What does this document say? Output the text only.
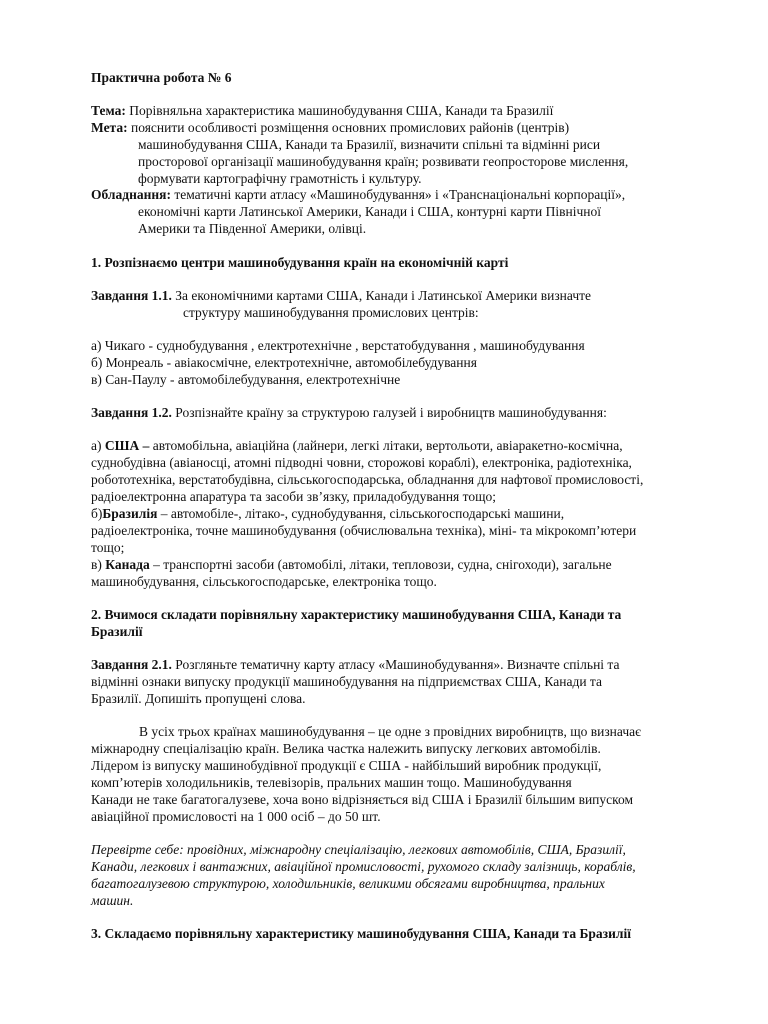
Практична робота № 6
Тема: Порівняльна характеристика машинобудування США, Канади та Бразилії
Мета: пояснити особливості розміщення основних промислових районів (центрів)
машинобудування США, Канади та Бразилії, визначити спільні та відмінні риси
просторової організації машинобудування країн; розвивати геопросторове мислення,
формувати картографічну грамотність і культуру.
Обладнання: тематичні карти атласу «Машинобудування» і «Транснаціональні корпорації»,
економічні карти Латинської Америки, Канади і США, контурні карти Північної
Америки та Південної Америки, олівці.
1. Розпізнаємо центри машинобудування країн на економічній карті
Завдання 1.1. За економічними картами США, Канади і Латинської Америки визначте
структуру машинобудування промислових центрів:
а) Чикаго - суднобудування , електротехнічне , верстатобудування , машинобудування
б) Монреаль - авіакосмічне, електротехнічне, автомобілебудування
в) Сан-Паулу - автомобілебудування, електротехнічне
Завдання 1.2. Розпізнайте країну за структурою галузей і виробництв машинобудування:
а) США – автомобільна, авіаційна (лайнери, легкі літаки, вертольоти, авіаракетно-космічна,
суднобудівна (авіаносці, атомні підводні човни, сторожові кораблі), електроніка, радіотехніка,
робототехніка, верстатобудівна, сільськогосподарська, обладнання для нафтової промисловості,
радіоелектронна апаратура та засоби зв’язку, приладобудування тощо;
б)Бразилія – автомобіле-, літако-, суднобудування, сільськогосподарські машини,
радіоелектроніка, точне машинобудування (обчислювальна техніка), міні- та мікрокомп’ютери
тощо;
в) Канада – транспортні засоби (автомобілі, літаки, тепловози, судна, снігоходи), загальне
машинобудування, сільськогосподарське, електроніка тощо.
2. Вчимося складати порівняльну характеристику машинобудування США, Канади та
Бразилії
Завдання 2.1. Розгляньте тематичну карту атласу «Машинобудування». Визначте спільні та
відмінні ознаки випуску продукції машинобудування на підприємствах США, Канади та
Бразилії. Допишіть пропущені слова.
В усіх трьох країнах машинобудування – це одне з провідних виробництв, що визначає
міжнародну спеціалізацію країн. Велика частка належить випуску легкових автомобілів.
Лідером із випуску машинобудівної продукції є США - найбільший виробник продукції,
комп’ютерів холодильників, телевізорів, пральних машин тощо. Машинобудування
Канади не таке багатогалузеве, хоча воно відрізняється від США і Бразилії більшим випуском
авіаційної промисловості на 1 000 осіб – до 50 шт.
Перевірте себе: провідних, міжнародну спеціалізацію, легкових автомобілів, США, Бразилії,
Канади, легкових і вантажних, авіаційної промисловості, рухомого складу залізниць, кораблів,
багатогалузевою структурою, холодильників, великими обсягами виробництва, пральних
машин.
3. Складаємо порівняльну характеристику машинобудування США, Канади та Бразилії
